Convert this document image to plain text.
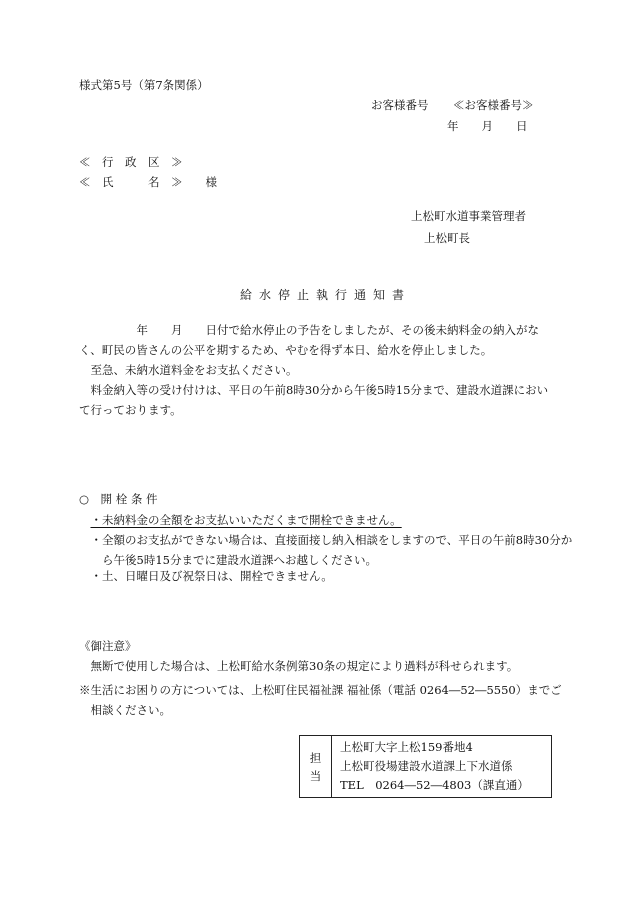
様式第5号（第7条関係）
お客様番号 ≪お客様番号≫
年　　月　　日
≪　行　政　区　≫
≪　氏　　　名　≫　　様
上松町水道事業管理者
上松町長
給水停止執行通知書
　　　　　年　　月　　日付で給水停止の予告をしましたが、その後未納料金の納入がなく、町民の皆さんの公平を期するため、やむを得ず本日、給水を停止しました。
至急、未納水道料金をお支払ください。
料金納入等の受け付けは、平日の午前8時30分から午後5時15分まで、建設水道課において行っております。
○　開 栓 条 件
・未納料金の全額をお支払いいただくまで開栓できません。
・全額のお支払ができない場合は、直接面接し納入相談をしますので、平日の午前8時30分から午後5時15分までに建設水道課へお越しください。
・土、日曜日及び祝祭日は、開栓できません。
《御注意》
無断で使用した場合は、上松町給水条例第30条の規定により過料が科せられます。
※生活にお困りの方については、上松町住民福祉課 福祉係（電話 0264―52―5550）までご相談ください。
担当	
上松町大字上松159番地4
上松町役場建設水道課上下水道係
TEL　0264―52―4803（課直通）
